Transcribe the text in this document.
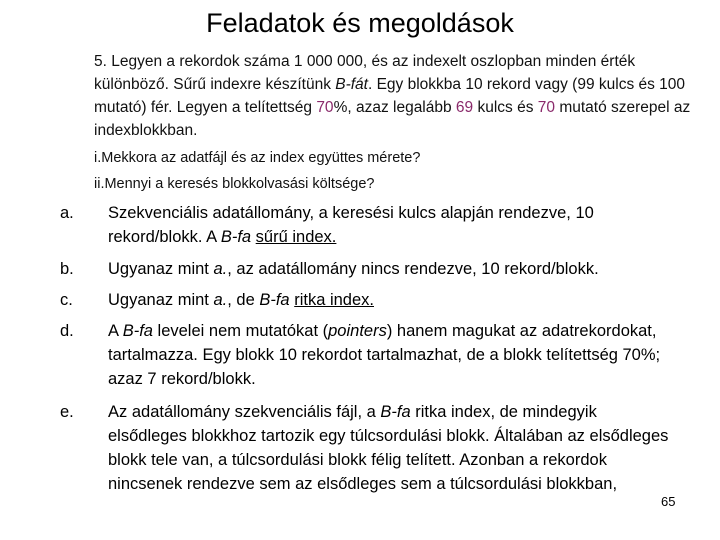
Feladatok és megoldások
5. Legyen a rekordok száma 1 000 000, és az indexelt oszlopban minden érték különböző. Sűrű indexre készítünk B-fát. Egy blokkba 10 rekord vagy (99 kulcs és 100 mutató) fér. Legyen a telítettség 70%, azaz legalább 69 kulcs és 70 mutató szerepel az indexblokkban.
i.Mekkora az adatfájl és az index együttes mérete?
ii.Mennyi a keresés blokkolvasási költsége?
a.	Szekvenciális adatállomány, a keresési kulcs alapján rendezve, 10 rekord/blokk. A B-fa sűrű index.
b.	Ugyanaz mint a., az adatállomány nincs rendezve, 10 rekord/blokk.
c.	Ugyanaz mint a., de B-fa ritka index.
d.	A B-fa levelei nem mutatókat (pointers) hanem magukat az adatrekordokat, tartalmazza. Egy blokk 10 rekordot tartalmazhat, de a blokk telítettség 70%; azaz 7 rekord/blokk.
e.	Az adatállomány szekvenciális fájl, a B-fa ritka index, de mindegyik elsődleges blokkhoz tartozik egy túlcsordulási blokk. Általában az elsődleges blokk tele van, a túlcsordulási blokk félig telített. Azonban a rekordok nincsenek rendezve sem az elsődleges sem a túlcsordulási blokkban,
65
